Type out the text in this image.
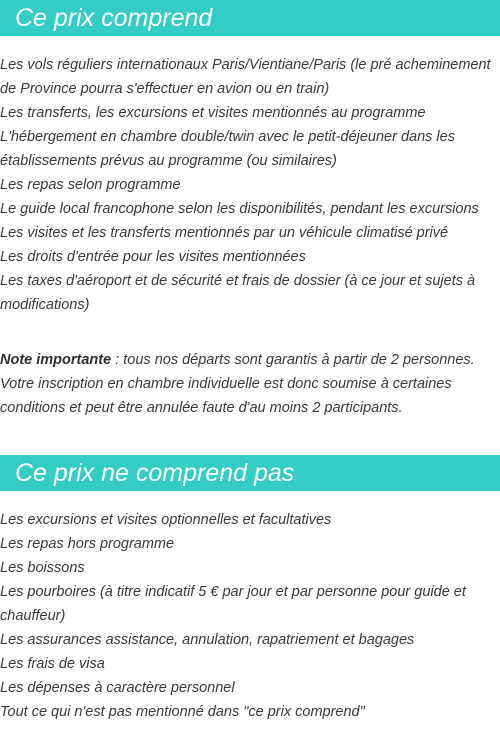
Ce prix comprend
Les vols réguliers internationaux Paris/Vientiane/Paris (le pré acheminement de Province pourra s'effectuer en avion ou en train)
Les transferts, les excursions et visites mentionnés au programme
L'hébergement en chambre double/twin avec le petit-déjeuner dans les établissements prévus au programme (ou similaires)
Les repas selon programme
Le guide local francophone selon les disponibilités, pendant les excursions
Les visites et les transferts mentionnés par un véhicule climatisé privé
Les droits d'entrée pour les visites mentionnées
Les taxes d'aéroport et de sécurité et frais de dossier (à ce jour et sujets à modifications)

Note importante : tous nos départs sont garantis à partir de 2 personnes. Votre inscription en chambre individuelle est donc soumise à certaines conditions et peut être annulée faute d'au moins 2 participants.

Ce prix ne comprend pas
Les excursions et visites optionnelles et facultatives
Les repas hors programme
Les boissons
Les pourboires (à titre indicatif 5 € par jour et par personne pour guide et chauffeur)
Les assurances assistance, annulation, rapatriement et bagages
Les frais de visa
Les dépenses à caractère personnel
Tout ce qui n'est pas mentionné dans "ce prix comprend"
